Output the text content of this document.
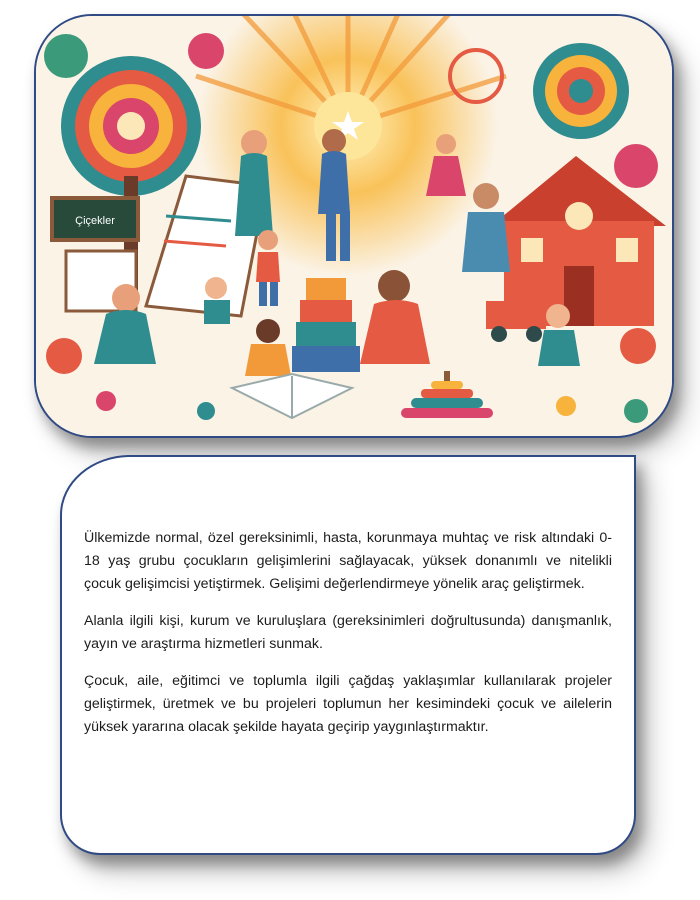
Çiçekler

Ülkemizde normal, özel gereksinimli, hasta, korunmaya muhtaç ve risk altındaki 0-18 yaş grubu çocukların gelişimlerini sağlayacak, yüksek donanımlı ve nitelikli çocuk gelişimcisi yetiştirmek. Gelişimi değerlendirmeye yönelik araç geliştirmek.

Alanla ilgili kişi, kurum ve kuruluşlara (gereksinimleri doğrultusunda) danışmanlık, yayın ve araştırma hizmetleri sunmak.

Çocuk, aile, eğitimci ve toplumla ilgili çağdaş yaklaşımlar kullanılarak projeler geliştirmek, üretmek ve bu projeleri toplumun her kesimindeki çocuk ve ailelerin yüksek yararına olacak şekilde hayata geçirip yaygınlaştırmaktır.
